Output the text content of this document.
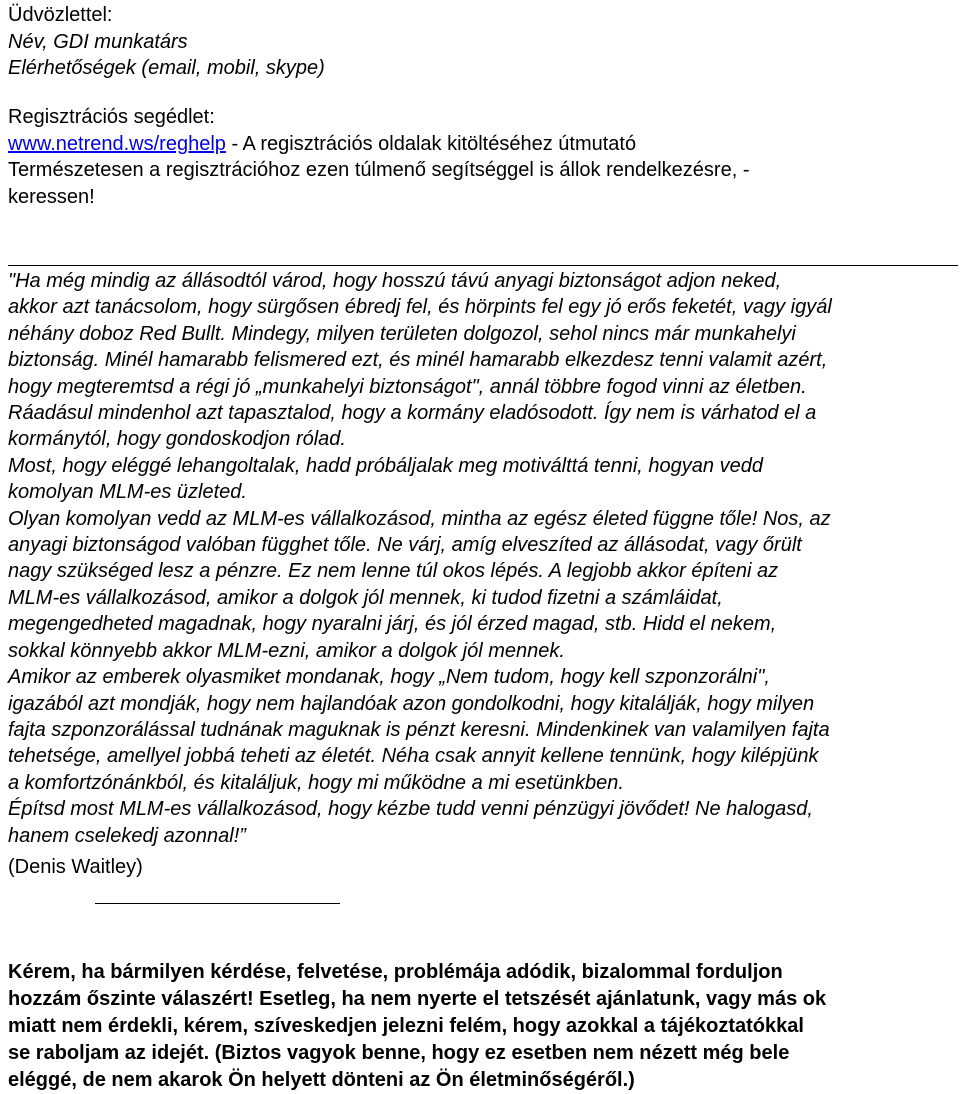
Üdvözlettel:
Név, GDI munkatárs
Elérhetőségek (email, mobil, skype)
Regisztrációs segédlet:
www.netrend.ws/reghelp - A regisztrációs oldalak kitöltéséhez útmutató
Természetesen a regisztrációhoz ezen túlmenő segítséggel is állok rendelkezésre, -
keressen!
"Ha még mindig az állásodtól várod, hogy hosszú távú anyagi biztonságot adjon neked,
akkor azt tanácsolom, hogy sürgősen ébredj fel, és hörpints fel egy jó erős feketét, vagy igyál
néhány doboz Red Bullt. Mindegy, milyen területen dolgozol, sehol nincs már munkahelyi
biztonság. Minél hamarabb felismered ezt, és minél hamarabb elkezdesz tenni valamit azért,
hogy megteremtsd a régi jó „munkahelyi biztonságot", annál többre fogod vinni az életben.
Ráadásul mindenhol azt tapasztalod, hogy a kormány eladósodott. Így nem is várhatod el a
kormánytól, hogy gondoskodjon rólad.
Most, hogy eléggé lehangoltalak, hadd próbáljalak meg motiválttá tenni, hogyan vedd
komolyan MLM-es üzleted.
Olyan komolyan vedd az MLM-es vállalkozásod, mintha az egész életed függne tőle! Nos, az
anyagi biztonságod valóban függhet tőle. Ne várj, amíg elveszíted az állásodat, vagy őrült
nagy szükséged lesz a pénzre. Ez nem lenne túl okos lépés. A legjobb akkor építeni az
MLM-es vállalkozásod, amikor a dolgok jól mennek, ki tudod fizetni a számláidat,
megengedheted magadnak, hogy nyaralni járj, és jól érzed magad, stb. Hidd el nekem,
sokkal könnyebb akkor MLM-ezni, amikor a dolgok jól mennek.
Amikor az emberek olyasmiket mondanak, hogy „Nem tudom, hogy kell szponzorálni",
igazából azt mondják, hogy nem hajlandóak azon gondolkodni, hogy kitalálják, hogy milyen
fajta szponzorálással tudnának maguknak is pénzt keresni. Mindenkinek van valamilyen fajta
tehetsége, amellyel jobbá teheti az életét. Néha csak annyit kellene tennünk, hogy kilépjünk
a komfortzónánkból, és kitaláljuk, hogy mi működne a mi esetünkben.
Építsd most MLM-es vállalkozásod, hogy kézbe tudd venni pénzügyi jövődet! Ne halogasd,
hanem cselekedj azonnal!”
(Denis Waitley)
Kérem, ha bármilyen kérdése, felvetése, problémája adódik, bizalommal forduljon
hozzám őszinte válaszért! Esetleg, ha nem nyerte el tetszését ajánlatunk, vagy más ok
miatt nem érdekli, kérem, szíveskedjen jelezni felém, hogy azokkal a tájékoztatókkal
se raboljam az idejét. (Biztos vagyok benne, hogy ez esetben nem nézett még bele
eléggé, de nem akarok Ön helyett dönteni az Ön életminőségéről.)
